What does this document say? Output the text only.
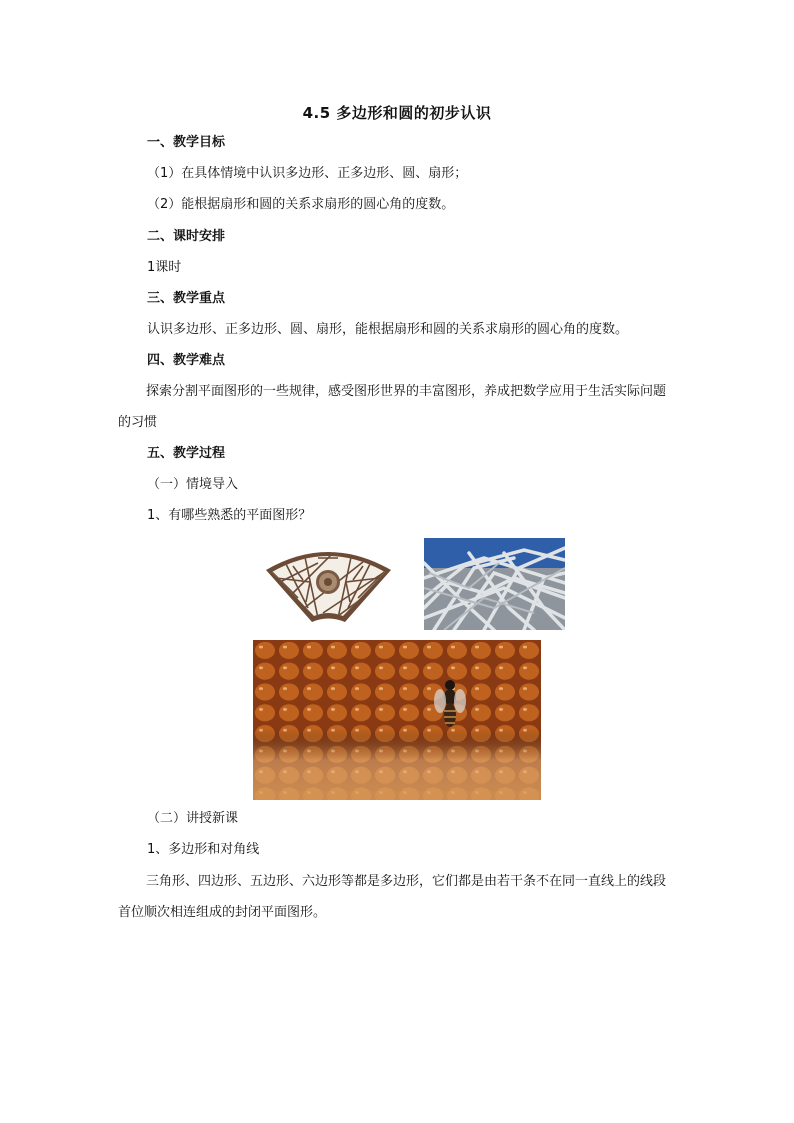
4.5 多边形和圆的初步认识
一、教学目标
（1）在具体情境中认识多边形、正多边形、圆、扇形；
（2）能根据扇形和圆的关系求扇形的圆心角的度数。
二、课时安排
1课时
三、教学重点
认识多边形、正多边形、圆、扇形，能根据扇形和圆的关系求扇形的圆心角的度数。
四、教学难点
探索分割平面图形的一些规律，感受图形世界的丰富图形，养成把数学应用于生活实际问题的习惯
五、教学过程
（一）情境导入
1、有哪些熟悉的平面图形？
（二）讲授新课
1、多边形和对角线
三角形、四边形、五边形、六边形等都是多边形，它们都是由若干条不在同一直线上的线段首位顺次相连组成的封闭平面图形。
